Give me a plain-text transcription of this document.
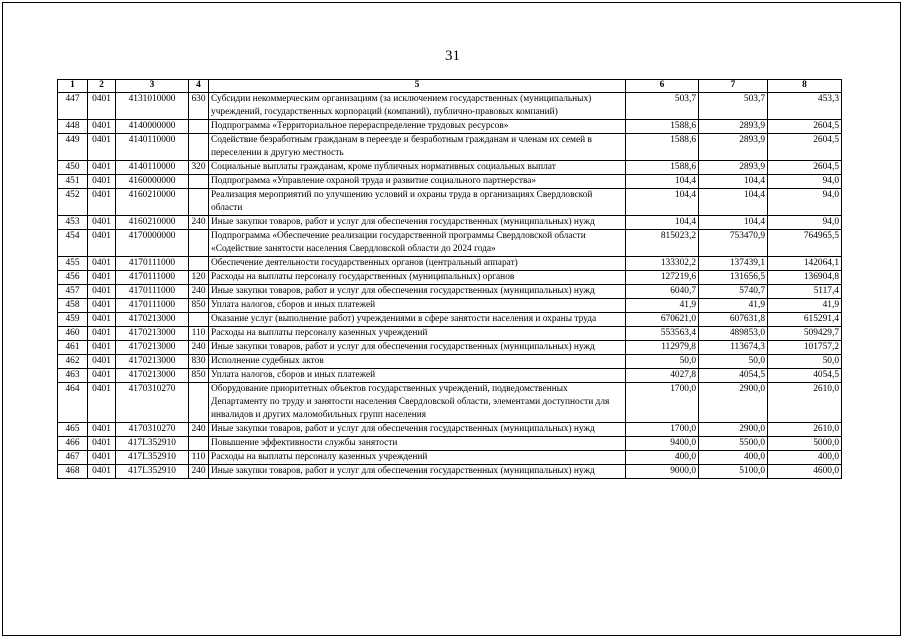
31
1	2	3	4	5	6	7	8
447	0401	4131010000	630	Субсидии некоммерческим организациям (за исключением государственных (муниципальных) учреждений, государственных корпораций (компаний), публично-правовых компаний)	503,7	503,7	453,3
448	0401	4140000000		Подпрограмма «Территориальное перераспределение трудовых ресурсов»	1588,6	2893,9	2604,5
449	0401	4140110000		Содействие безработным гражданам в переезде и безработным гражданам и членам их семей в переселении в другую местность	1588,6	2893,9	2604,5
450	0401	4140110000	320	Социальные выплаты гражданам, кроме публичных нормативных социальных выплат	1588,6	2893,9	2604,5
451	0401	4160000000		Подпрограмма «Управление охраной труда и развитие социального партнерства»	104,4	104,4	94,0
452	0401	4160210000		Реализация мероприятий по улучшению условий и охраны труда в организациях Свердловской области	104,4	104,4	94,0
453	0401	4160210000	240	Иные закупки товаров, работ и услуг для обеспечения государственных (муниципальных) нужд	104,4	104,4	94,0
454	0401	4170000000		Подпрограмма «Обеспечение реализации государственной программы Свердловской области «Содействие занятости населения Свердловской области до 2024 года»	815023,2	753470,9	764965,5
455	0401	4170111000		Обеспечение деятельности государственных органов (центральный аппарат)	133302,2	137439,1	142064,1
456	0401	4170111000	120	Расходы на выплаты персоналу государственных (муниципальных) органов	127219,6	131656,5	136904,8
457	0401	4170111000	240	Иные закупки товаров, работ и услуг для обеспечения государственных (муниципальных) нужд	6040,7	5740,7	5117,4
458	0401	4170111000	850	Уплата налогов, сборов и иных платежей	41,9	41,9	41,9
459	0401	4170213000		Оказание услуг (выполнение работ) учреждениями в сфере занятости населения и охраны труда	670621,0	607631,8	615291,4
460	0401	4170213000	110	Расходы на выплаты персоналу казенных учреждений	553563,4	489853,0	509429,7
461	0401	4170213000	240	Иные закупки товаров, работ и услуг для обеспечения государственных (муниципальных) нужд	112979,8	113674,3	101757,2
462	0401	4170213000	830	Исполнение судебных актов	50,0	50,0	50,0
463	0401	4170213000	850	Уплата налогов, сборов и иных платежей	4027,8	4054,5	4054,5
464	0401	4170310270		Оборудование приоритетных объектов государственных учреждений, подведомственных Департаменту по труду и занятости населения Свердловской области, элементами доступности для инвалидов и других маломобильных групп населения	1700,0	2900,0	2610,0
465	0401	4170310270	240	Иные закупки товаров, работ и услуг для обеспечения государственных (муниципальных) нужд	1700,0	2900,0	2610,0
466	0401	417L352910		Повышение эффективности службы занятости	9400,0	5500,0	5000,0
467	0401	417L352910	110	Расходы на выплаты персоналу казенных учреждений	400,0	400,0	400,0
468	0401	417L352910	240	Иные закупки товаров, работ и услуг для обеспечения государственных (муниципальных) нужд	9000,0	5100,0	4600,0
